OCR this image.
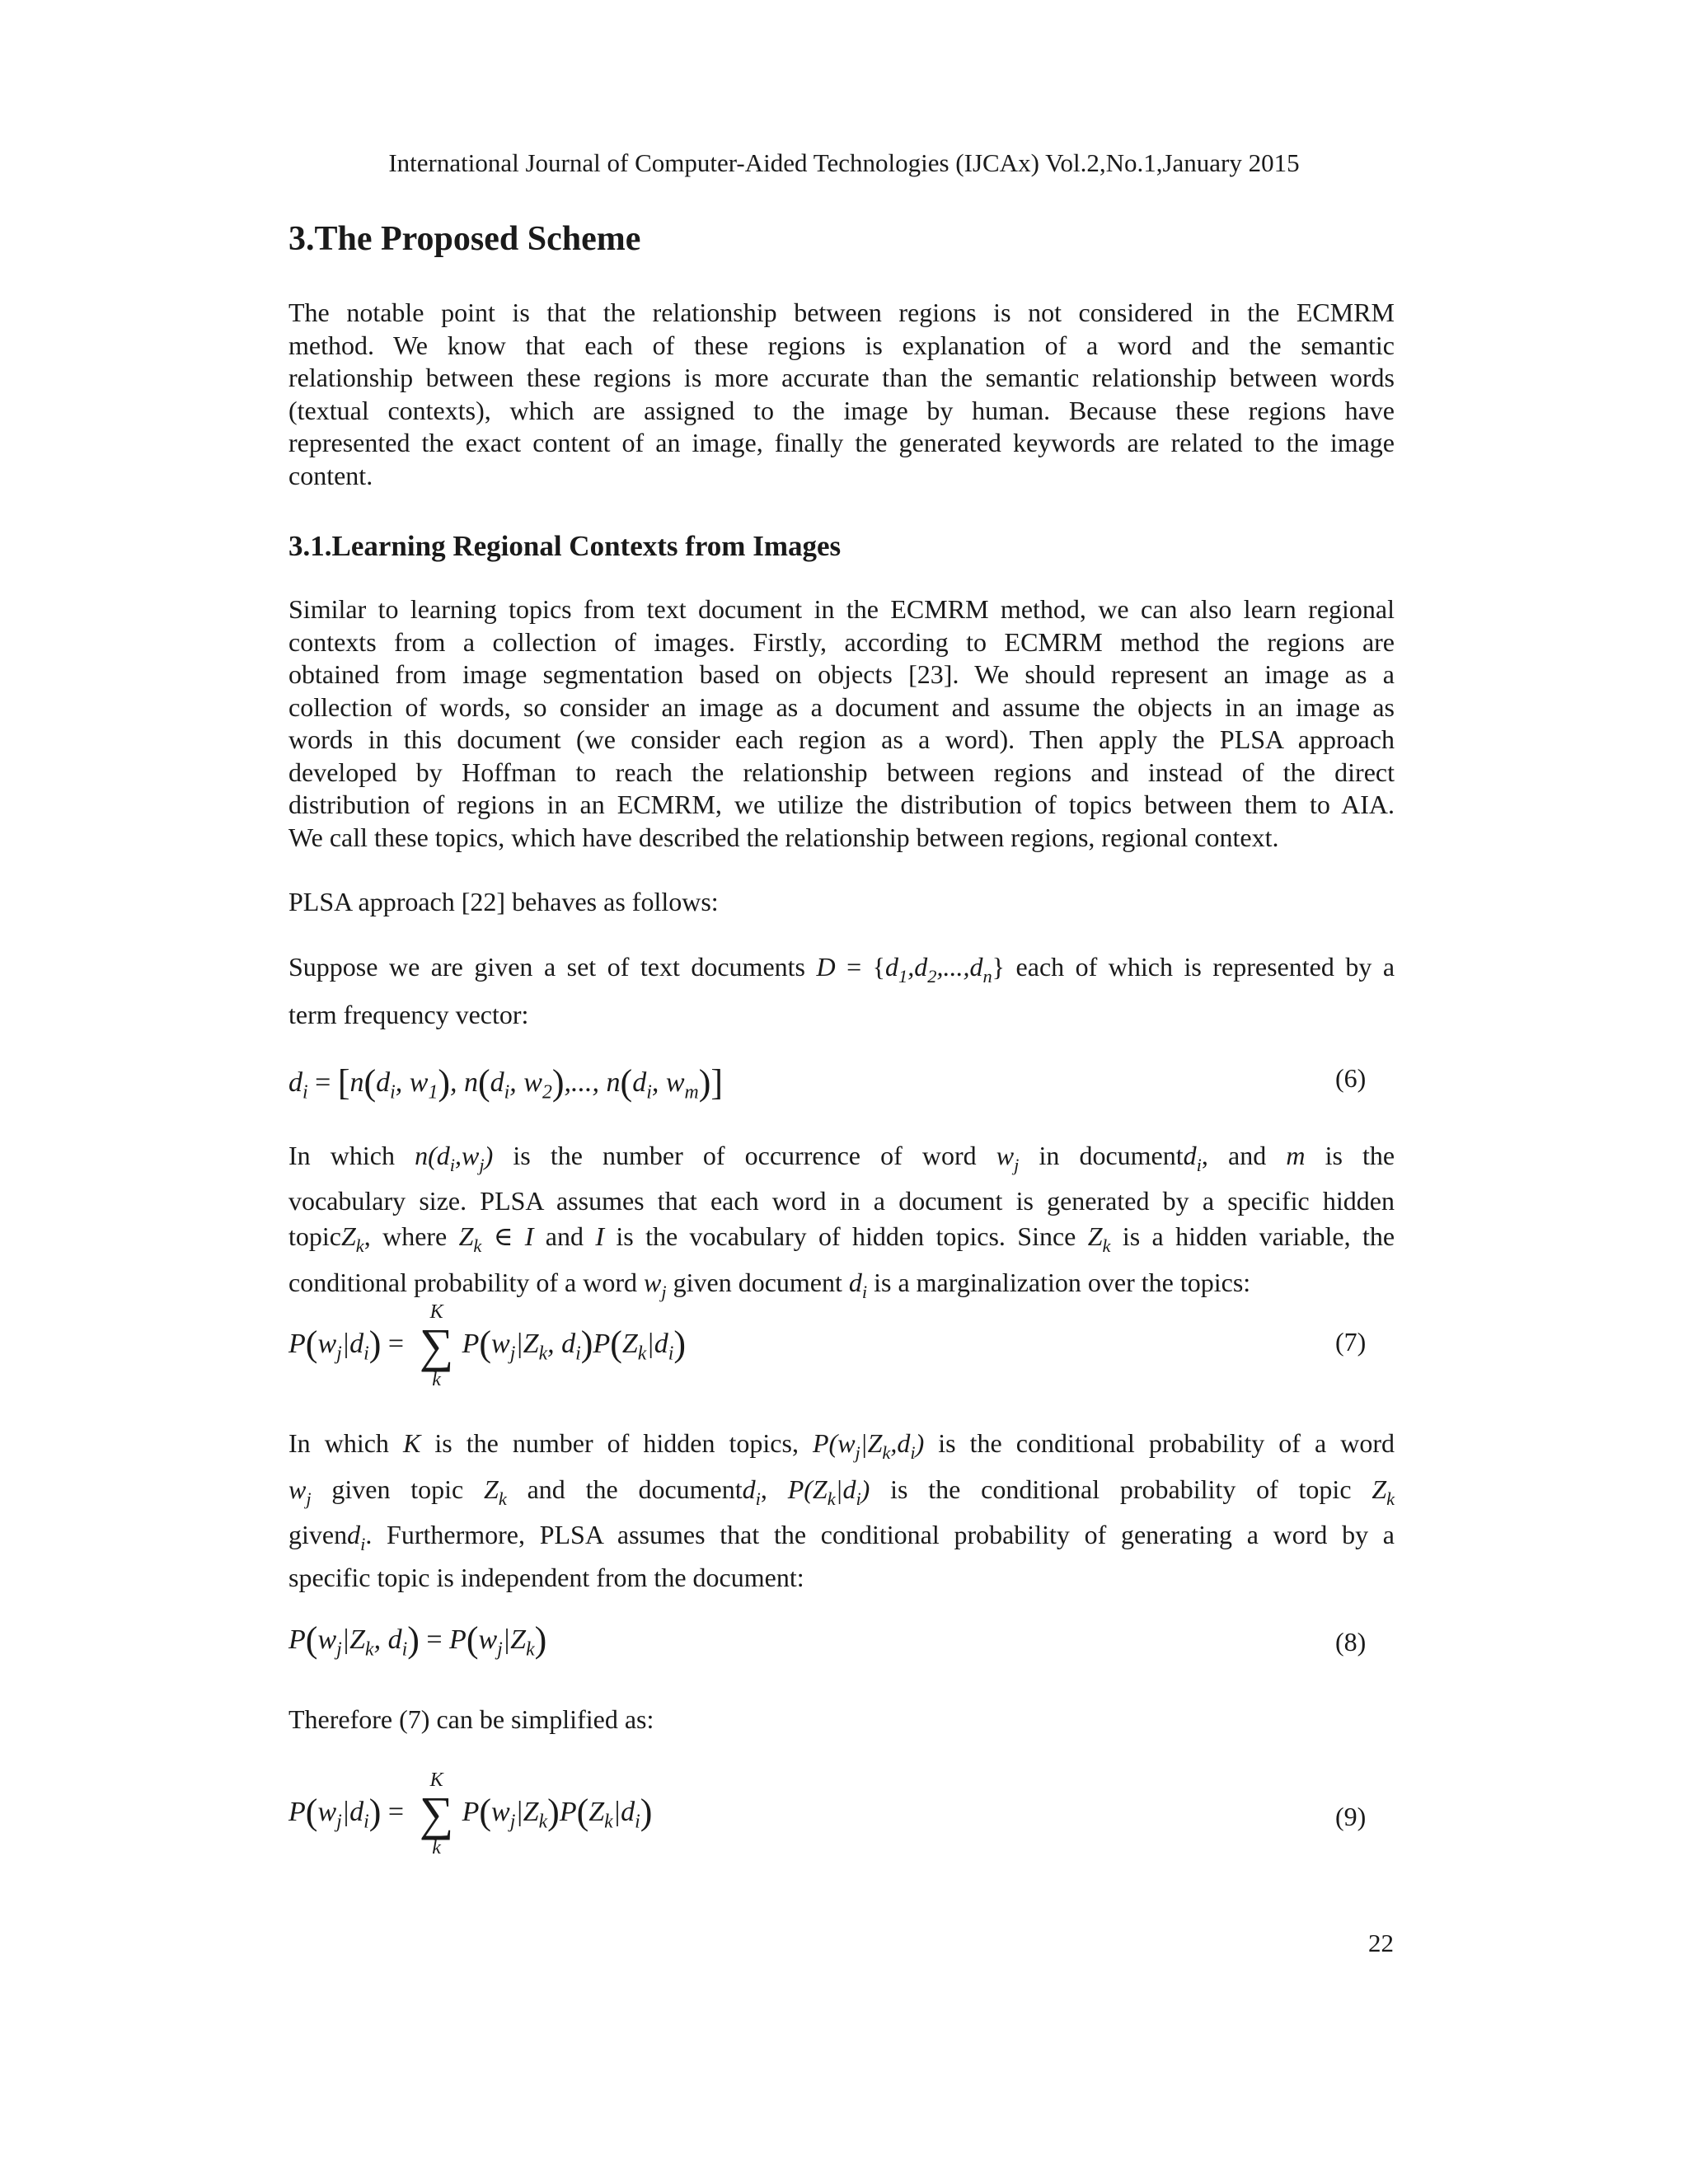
International Journal of Computer-Aided Technologies (IJCAx) Vol.2,No.1,January 2015
3.The Proposed Scheme
The notable point is that the relationship between regions is not considered in the ECMRM
method. We know that each of these regions is explanation of a word and the semantic
relationship between these regions is more accurate than the semantic relationship between words
(textual contexts), which are assigned to the image by human. Because these regions have
represented the exact content of an image, finally the generated keywords are related to the image
content.
3.1.Learning Regional Contexts from Images
Similar to learning topics from text document in the ECMRM method, we can also learn regional
contexts from a collection of images. Firstly, according to ECMRM method the regions are
obtained from image segmentation based on objects [23]. We should represent an image as a
collection of words, so consider an image as a document and assume the objects in an image as
words in this document (we consider each region as a word). Then apply the PLSA approach
developed by Hoffman to reach the relationship between regions and instead of the direct
distribution of regions in an ECMRM, we utilize the distribution of topics between them to AIA.
We call these topics, which have described the relationship between regions, regional context.
PLSA approach [22] behaves as follows:
Suppose we are given a set of text documents $D = \{d_1,d_2,...,d_n\}$ each of which is represented by a
term frequency vector:
$d_i = [n(d_i$, $w_1$), $n(d_i$, $w_2$),..., $n(d_i$, $w_m$)]	(6)
In which $n(d_i,w_j)$ is the number of occurrence of word $w_j$ in documentd$_i$, and m is the
vocabulary size. PLSA assumes that each word in a document is generated by a specific hidden
topicZ$_k$, where $Z_k$ ∈ I and I is the vocabulary of hidden topics. Since $Z_k$ is a hidden variable, the
conditional probability of a word $w_j$ given document $d_i$ is a marginalization over the topics:
$P(w_j|d_i)$ =
K
∑
k
$P(w_j|Z_k$, $d_i)P(Z_k|d_i)$	(7)
In which K is the number of hidden topics, $P(w_j|Z_k,d_i)$ is the conditional probability of a word
$w_j$ given topic $Z_k$ and the documentd$_i$, $P(Z_k|d_i)$ is the conditional probability of topic $Z_k$
givend$_i$. Furthermore, PLSA assumes that the conditional probability of generating a word by a
specific topic is independent from the document:
$P(w_j|Z_k$, $d_i) = P(w_j|Z_k)$	(8)
Therefore (7) can be simplified as:
$P(w_j|d_i)$ =
K
∑
k
$P(w_j|Z_k)P(Z_k|d_i)$	(9)
22
